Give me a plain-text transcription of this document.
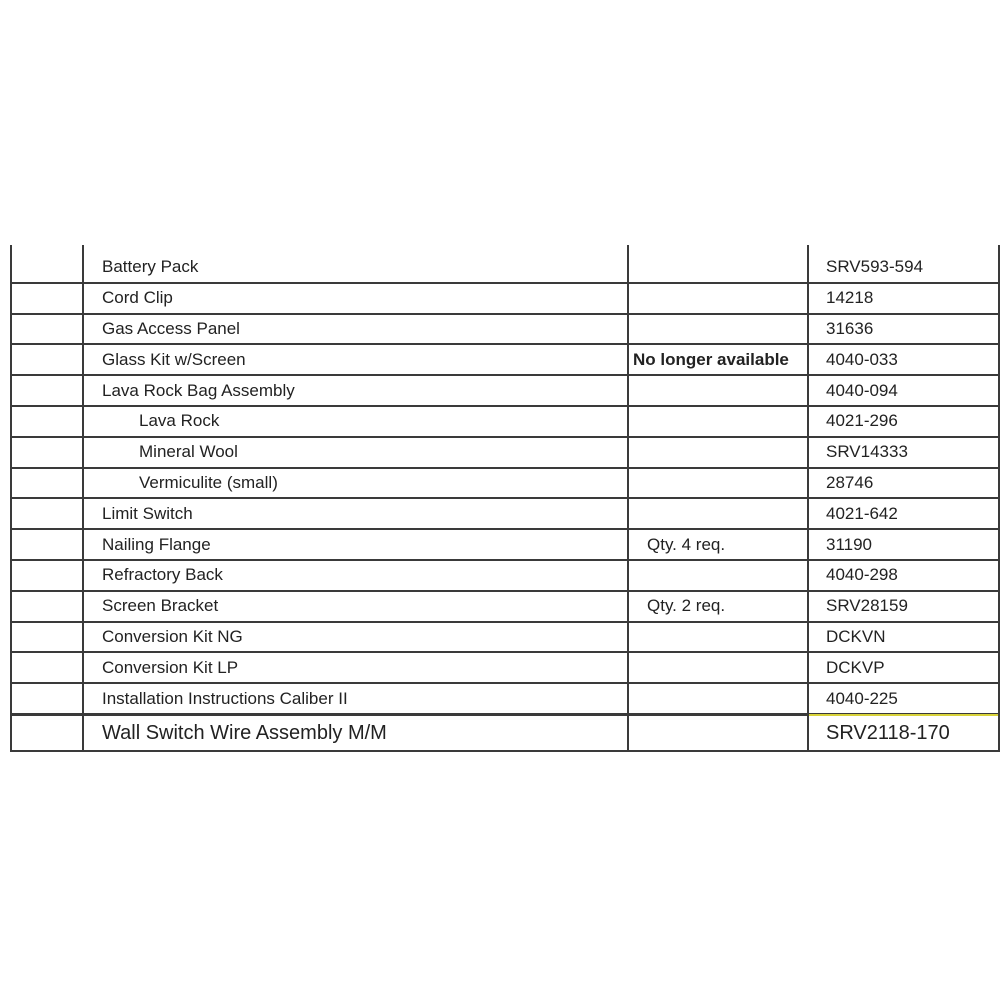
Battery Pack	SRV593-594
Cord Clip	14218
Gas Access Panel	31636
Glass Kit w/Screen	No longer available	4040-033
Lava Rock Bag Assembly	4040-094
Lava Rock	4021-296
Mineral Wool	SRV14333
Vermiculite (small)	28746
Limit Switch	4021-642
Nailing Flange	Qty. 4 req.	31190
Refractory Back	4040-298
Screen Bracket	Qty. 2 req.	SRV28159
Conversion Kit NG	DCKVN
Conversion Kit LP	DCKVP
Installation Instructions Caliber II	4040-225
Wall Switch Wire Assembly M/M	SRV2118-170
